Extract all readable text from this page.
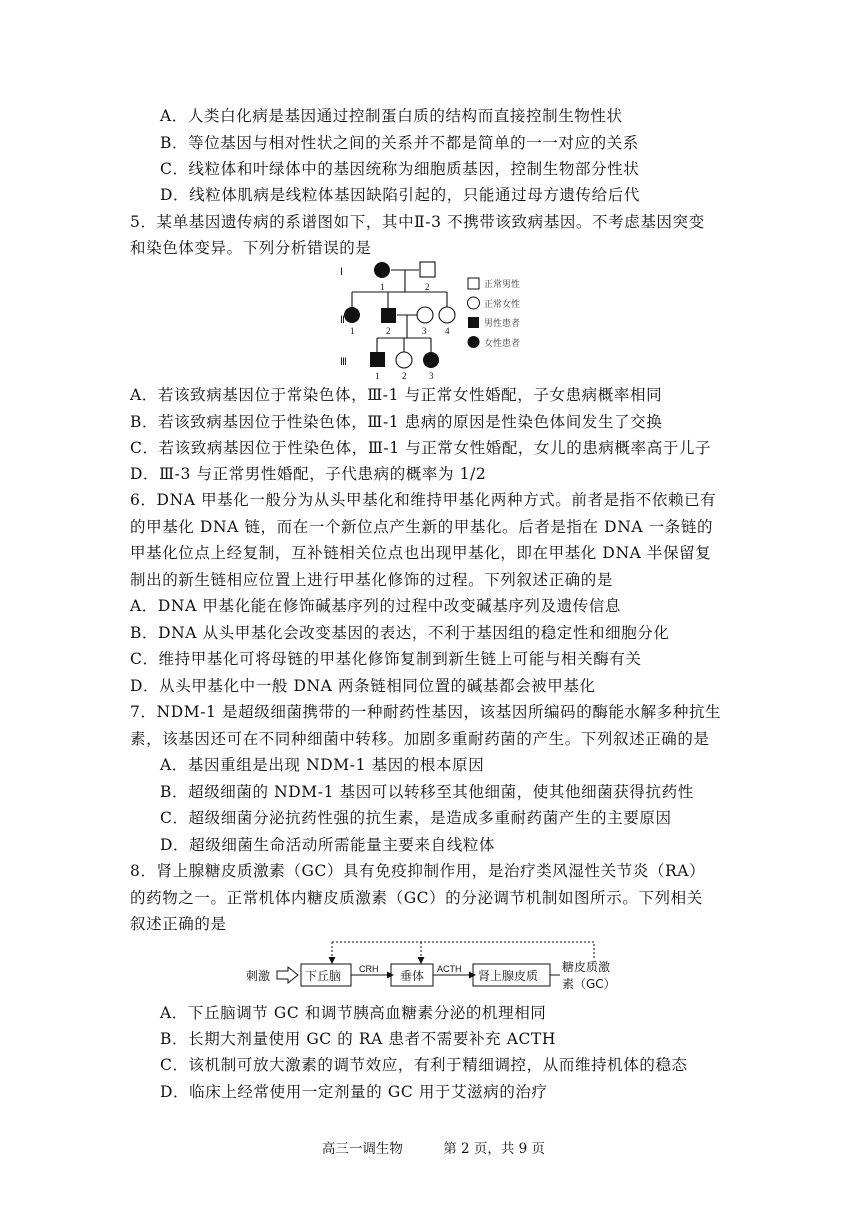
A．人类白化病是基因通过控制蛋白质的结构而直接控制生物性状
B．等位基因与相对性状之间的关系并不都是简单的一一对应的关系
C．线粒体和叶绿体中的基因统称为细胞质基因，控制生物部分性状
D．线粒体肌病是线粒体基因缺陷引起的，只能通过母方遗传给后代
5．某单基因遗传病的系谱图如下，其中Ⅱ-3 不携带该致病基因。不考虑基因突变
和染色体变异。下列分析错误的是
Ⅰ
Ⅱ
Ⅲ
1	2
1	2	3 4
1	2	3
正常男性
正常女性
男性患者
女性患者
A．若该致病基因位于常染色体，Ⅲ-1 与正常女性婚配，子女患病概率相同
B．若该致病基因位于性染色体，Ⅲ-1 患病的原因是性染色体间发生了交换
C．若该致病基因位于性染色体，Ⅲ-1 与正常女性婚配，女儿的患病概率高于儿子
D．Ⅲ-3 与正常男性婚配，子代患病的概率为 1/2
6．DNA 甲基化一般分为从头甲基化和维持甲基化两种方式。前者是指不依赖已有
的甲基化 DNA 链，而在一个新位点产生新的甲基化。后者是指在 DNA 一条链的
甲基化位点上经复制，互补链相关位点也出现甲基化，即在甲基化 DNA 半保留复
制出的新生链相应位置上进行甲基化修饰的过程。下列叙述正确的是
A．DNA 甲基化能在修饰碱基序列的过程中改变碱基序列及遗传信息
B．DNA 从头甲基化会改变基因的表达，不利于基因组的稳定性和细胞分化
C．维持甲基化可将母链的甲基化修饰复制到新生链上可能与相关酶有关
D．从头甲基化中一般 DNA 两条链相同位置的碱基都会被甲基化
7．NDM-1 是超级细菌携带的一种耐药性基因，该基因所编码的酶能水解多种抗生
素，该基因还可在不同种细菌中转移。加剧多重耐药菌的产生。下列叙述正确的是
A．基因重组是出现 NDM-1 基因的根本原因
B．超级细菌的 NDM-1 基因可以转移至其他细菌，使其他细菌获得抗药性
C．超级细菌分泌抗药性强的抗生素，是造成多重耐药菌产生的主要原因
D．超级细菌生命活动所需能量主要来自线粒体
8．肾上腺糖皮质激素（GC）具有免疫抑制作用，是治疗类风湿性关节炎（RA）
的药物之一。正常机体内糖皮质激素（GC）的分泌调节机制如图所示。下列相关
叙述正确的是
刺激	下丘脑	垂体	肾上腺皮质
糖皮质激
素（GC）
CRH	ACTH
A．下丘脑调节 GC 和调节胰高血糖素分泌的机理相同
B．长期大剂量使用 GC 的 RA 患者不需要补充 ACTH
C．该机制可放大激素的调节效应，有利于精细调控，从而维持机体的稳态
D．临床上经常使用一定剂量的 GC 用于艾滋病的治疗
高三一调生物	第 2 页，共 9 页
